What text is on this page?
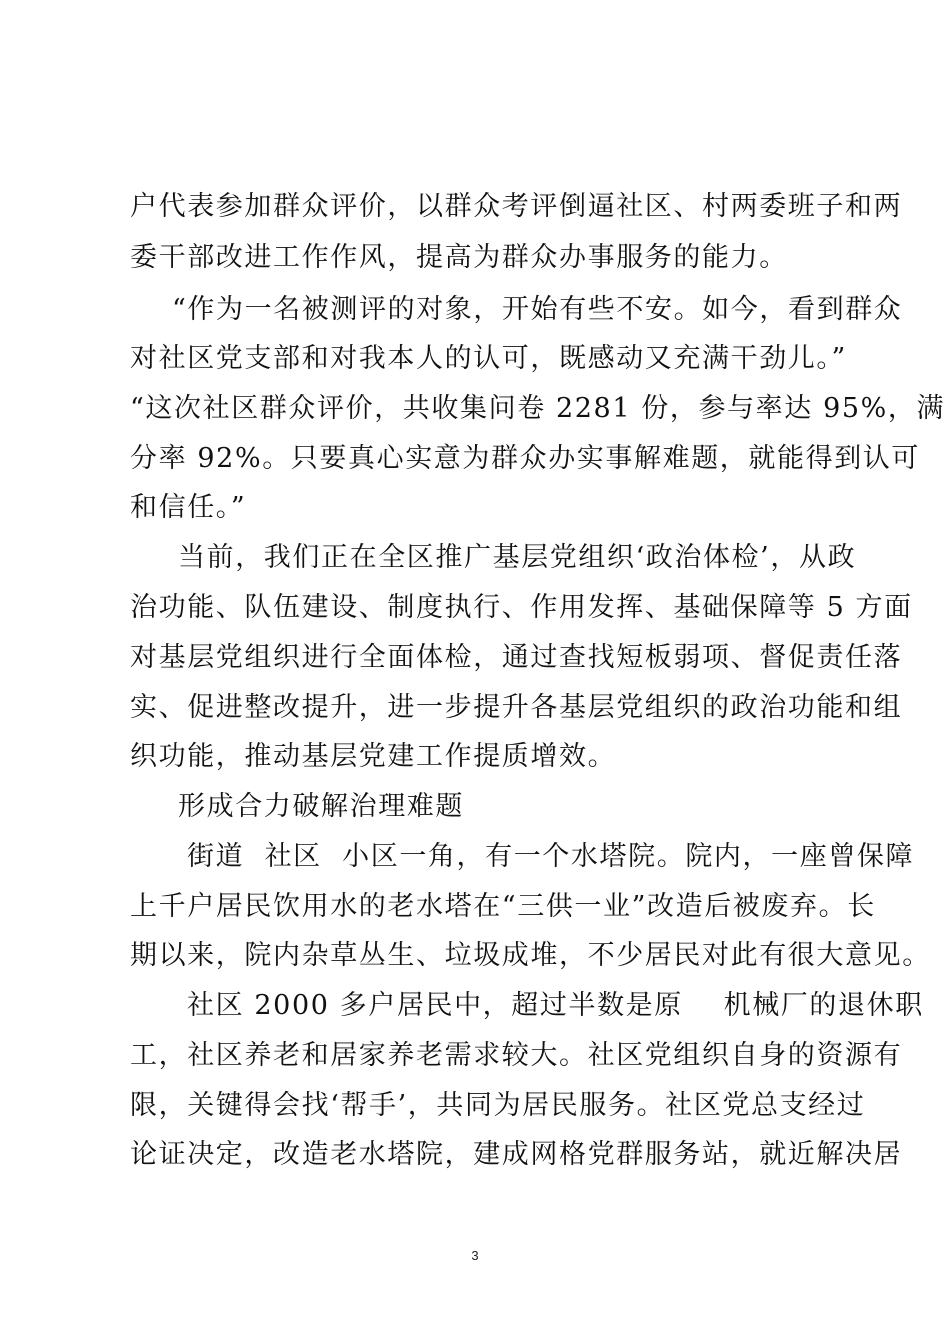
户代表参加群众评价，以群众考评倒逼社区、村两委班子和两
委干部改进工作作风，提高为群众办事服务的能力。
“作为一名被测评的对象，开始有些不安。如今，看到群众
对社区党支部和对我本人的认可，既感动又充满干劲儿。”
“这次社区群众评价，共收集问卷 2281 份，参与率达 95%，满
分率 92%。只要真心实意为群众办实事解难题，就能得到认可
和信任。”
当前，我们正在全区推广基层党组织‘政治体检’，从政
治功能、队伍建设、制度执行、作用发挥、基础保障等 5 方面
对基层党组织进行全面体检，通过查找短板弱项、督促责任落
实、促进整改提升，进一步提升各基层党组织的政治功能和组
织功能，推动基层党建工作提质增效。
形成合力破解治理难题
街道  社区  小区一角，有一个水塔院。院内，一座曾保障
上千户居民饮用水的老水塔在“三供一业”改造后被废弃。长
期以来，院内杂草丛生、垃圾成堆，不少居民对此有很大意见。
社区 2000 多户居民中，超过半数是原    机械厂的退休职
工，社区养老和居家养老需求较大。社区党组织自身的资源有
限，关键得会找‘帮手’，共同为居民服务。社区党总支经过
论证决定，改造老水塔院，建成网格党群服务站，就近解决居
3
